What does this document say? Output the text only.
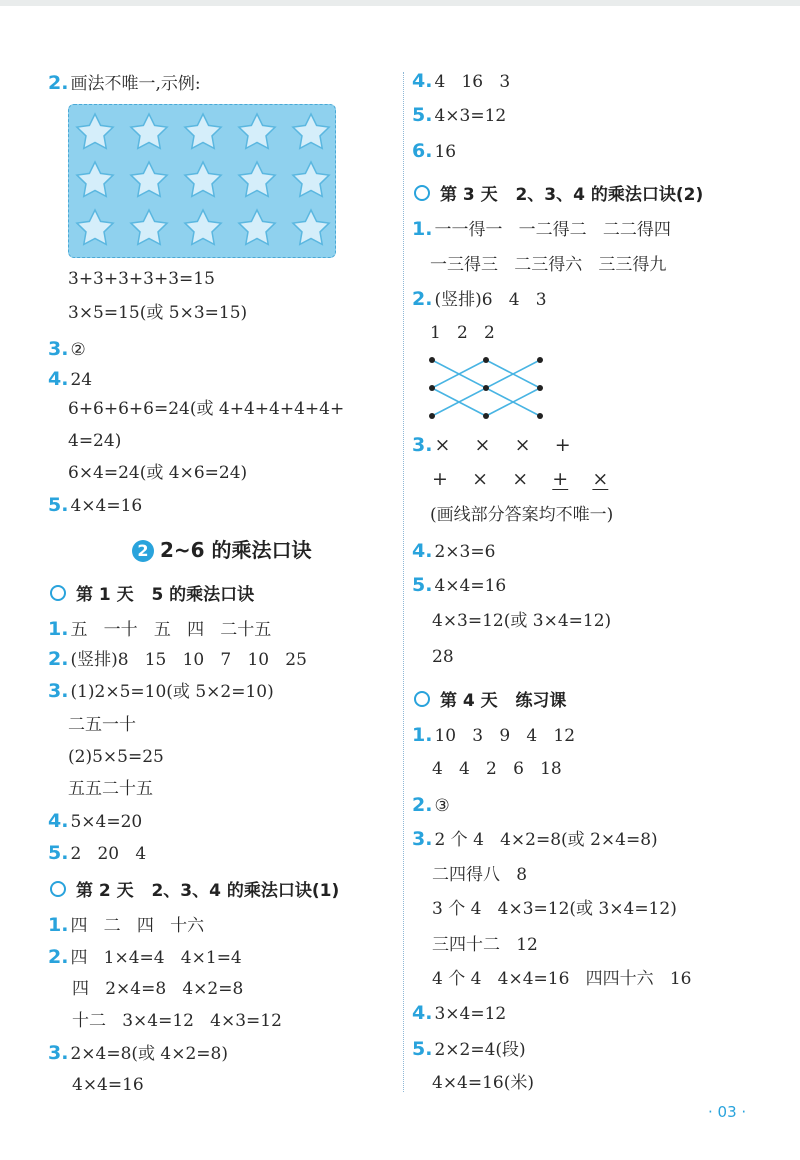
2. 画法不唯一,示例:
3+3+3+3+3=15
3×5=15(或 5×3=15)
3. ②
4. 24
6+6+6+6=24(或 4+4+4+4+4+
4=24)
6×4=24(或 4×6=24)
5. 4×4=16
2 2~6 的乘法口诀
第 1 天 5 的乘法口诀
1. 五   一十   五   四   二十五
2. (竖排)8   15   10   7   10   25
3. (1)2×5=10(或 5×2=10)
二五一十
(2)5×5=25
五五二十五
4. 5×4=20
5. 2   20   4
第 2 天 2、3、4 的乘法口诀(1)
1. 四   二   四   十六
2. 四   1×4=4   4×1=4
四   2×4=8   4×2=8
十二   3×4=12   4×3=12
3. 2×4=8(或 4×2=8)
4×4=16
4. 4   16   3
5. 4×3=12
6. 16
第 3 天 2、3、4 的乘法口诀(2)
1. 一一得一   一二得二   二二得四
一三得三   二三得六   三三得九
2. (竖排)6   4   3
1   2   2
3. × × × +
+ × × + ×
(画线部分答案均不唯一)
4. 2×3=6
5. 4×4=16
4×3=12(或 3×4=12)
28
第 4 天 练习课
1. 10   3   9   4   12
4   4   2   6   18
2. ③
3. 2 个 4   4×2=8(或 2×4=8)
二四得八   8
3 个 4   4×3=12(或 3×4=12)
三四十二   12
4 个 4   4×4=16   四四十六   16
4. 3×4=12
5. 2×2=4(段)
4×4=16(米)
· 03 ·
